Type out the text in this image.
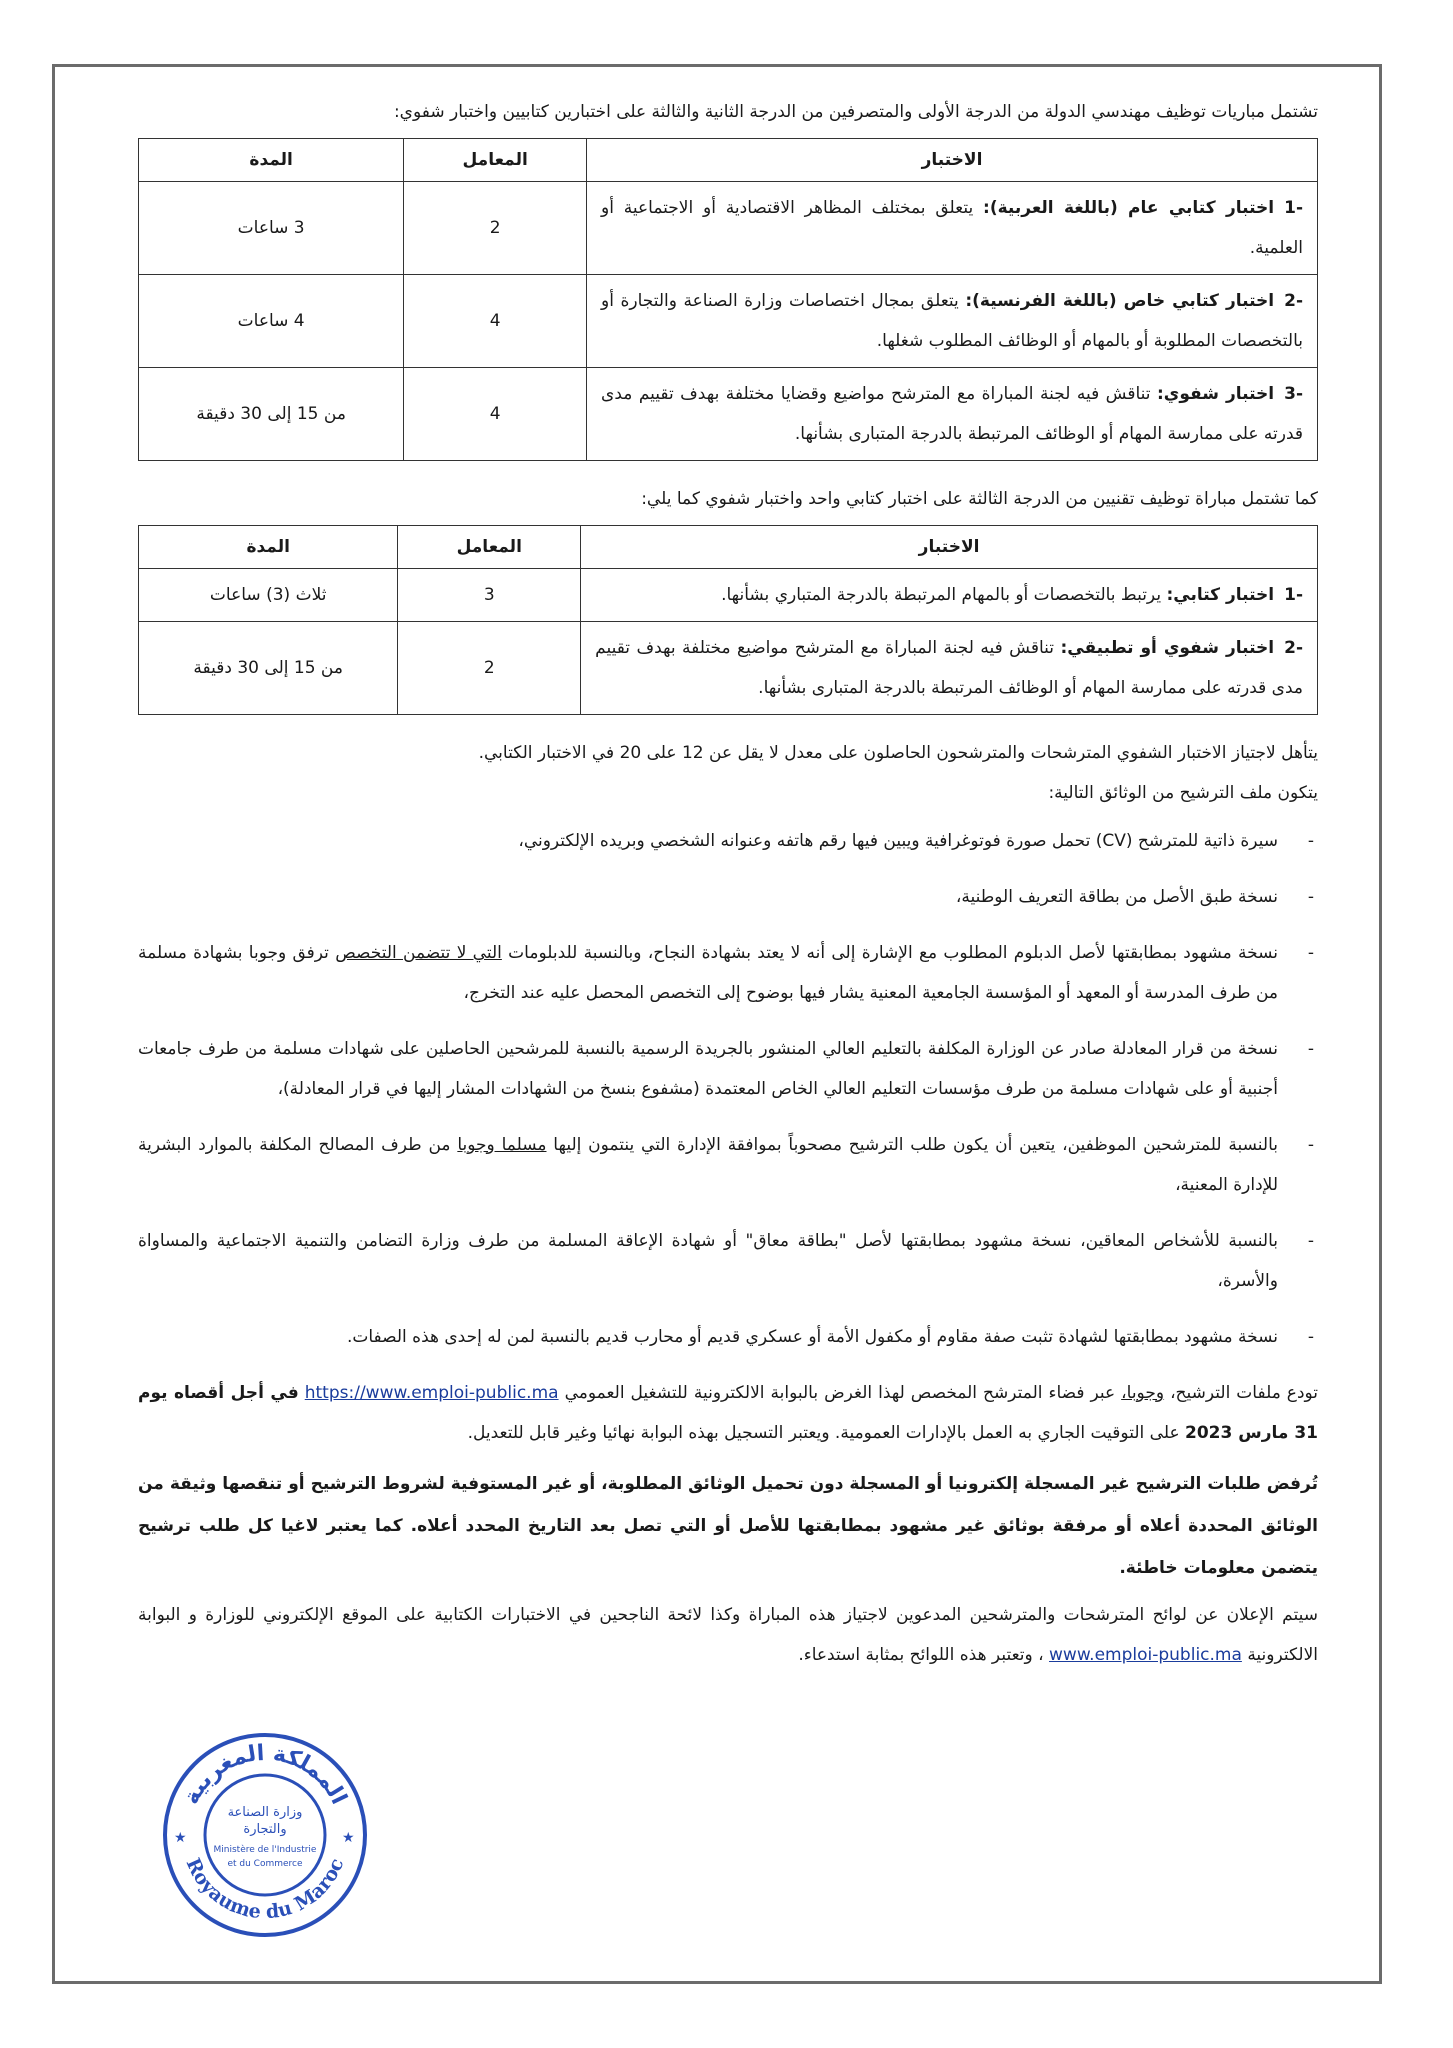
تشتمل مباريات توظيف مهندسي الدولة من الدرجة الأولى والمتصرفين من الدرجة الثانية والثالثة على اختبارين كتابيين واختبار شفوي:

الاختبار	المعامل	المدة
-1اختبار كتابي عام (باللغة العربية): يتعلق بمختلف المظاهر الاقتصادية أو الاجتماعية أو العلمية.	2	3 ساعات
-2اختبار كتابي خاص (باللغة الفرنسية): يتعلق بمجال اختصاصات وزارة الصناعة والتجارة أو بالتخصصات المطلوبة أو بالمهام أو الوظائف المطلوب شغلها.	4	4 ساعات
-3اختبار شفوي: تناقش فيه لجنة المباراة مع المترشح مواضيع وقضايا مختلفة بهدف تقييم مدى قدرته على ممارسة المهام أو الوظائف المرتبطة بالدرجة المتبارى بشأنها.	4	من 15 إلى 30 دقيقة

كما تشتمل مباراة توظيف تقنيين من الدرجة الثالثة على اختبار كتابي واحد واختبار شفوي كما يلي:

الاختبار	المعامل	المدة
-1اختبار كتابي: يرتبط بالتخصصات أو بالمهام المرتبطة بالدرجة المتباري بشأنها.	3	ثلاث (3) ساعات
-2اختبار شفوي أو تطبيقي: تناقش فيه لجنة المباراة مع المترشح مواضيع مختلفة بهدف تقييم مدى قدرته على ممارسة المهام أو الوظائف المرتبطة بالدرجة المتبارى بشأنها.	2	من 15 إلى 30 دقيقة

يتأهل لاجتياز الاختبار الشفوي المترشحات والمترشحون الحاصلون على معدل لا يقل عن 12 على 20 في الاختبار الكتابي.

يتكون ملف الترشيح من الوثائق التالية:

-
سيرة ذاتية للمترشح (CV) تحمل صورة فوتوغرافية ويبين فيها رقم هاتفه وعنوانه الشخصي وبريده الإلكتروني،
-
نسخة طبق الأصل من بطاقة التعريف الوطنية،
-
نسخة مشهود بمطابقتها لأصل الدبلوم المطلوب مع الإشارة إلى أنه لا يعتد بشهادة النجاح، وبالنسبة للدبلومات التي لا تتضمن التخصص ترفق وجوبا بشهادة مسلمة من طرف المدرسة أو المعهد أو المؤسسة الجامعية المعنية يشار فيها بوضوح إلى التخصص المحصل عليه عند التخرج،
-
نسخة من قرار المعادلة صادر عن الوزارة المكلفة بالتعليم العالي المنشور بالجريدة الرسمية بالنسبة للمرشحين الحاصلين على شهادات مسلمة من طرف جامعات أجنبية أو على شهادات مسلمة من طرف مؤسسات التعليم العالي الخاص المعتمدة (مشفوع بنسخ من الشهادات المشار إليها في قرار المعادلة)،
-
بالنسبة للمترشحين الموظفين، يتعين أن يكون طلب الترشيح مصحوباً بموافقة الإدارة التي ينتمون إليها مسلما وجوبا من طرف المصالح المكلفة بالموارد البشرية للإدارة المعنية،
-
بالنسبة للأشخاص المعاقين، نسخة مشهود بمطابقتها لأصل "بطاقة معاق" أو شهادة الإعاقة المسلمة من طرف وزارة التضامن والتنمية الاجتماعية والمساواة والأسرة،
-
نسخة مشهود بمطابقتها لشهادة تثبت صفة مقاوم أو مكفول الأمة أو عسكري قديم أو محارب قديم بالنسبة لمن له إحدى هذه الصفات.

تودع ملفات الترشيح، وجوبا، عبر فضاء المترشح المخصص لهذا الغرض بالبوابة الالكترونية للتشغيل العمومي https://www.emploi-public.ma في أجل أقصاه يوم 31 مارس 2023 على التوقيت الجاري به العمل بالإدارات العمومية. ويعتبر التسجيل بهذه البوابة نهائيا وغير قابل للتعديل.

تُرفض طلبات الترشيح غير المسجلة إلكترونيا أو المسجلة دون تحميل الوثائق المطلوبة، أو غير المستوفية لشروط الترشيح أو تنقصها وثيقة من الوثائق المحددة أعلاه أو مرفقة بوثائق غير مشهود بمطابقتها للأصل أو التي تصل بعد التاريخ المحدد أعلاه. كما يعتبر لاغيا كل طلب ترشيح يتضمن معلومات خاطئة.

سيتم الإعلان عن لوائح المترشحات والمترشحين المدعوين لاجتياز هذه المباراة وكذا لائحة الناجحين في الاختبارات الكتابية على الموقع الإلكتروني للوزارة و البوابة الالكترونية www.emploi-public.ma ، وتعتبر هذه اللوائح بمثابة استدعاء.

المملكة المغربية
Royaume du Maroc
وزارة الصناعة
والتجارة
Ministère de l'Industrie
et du Commerce
★	★
